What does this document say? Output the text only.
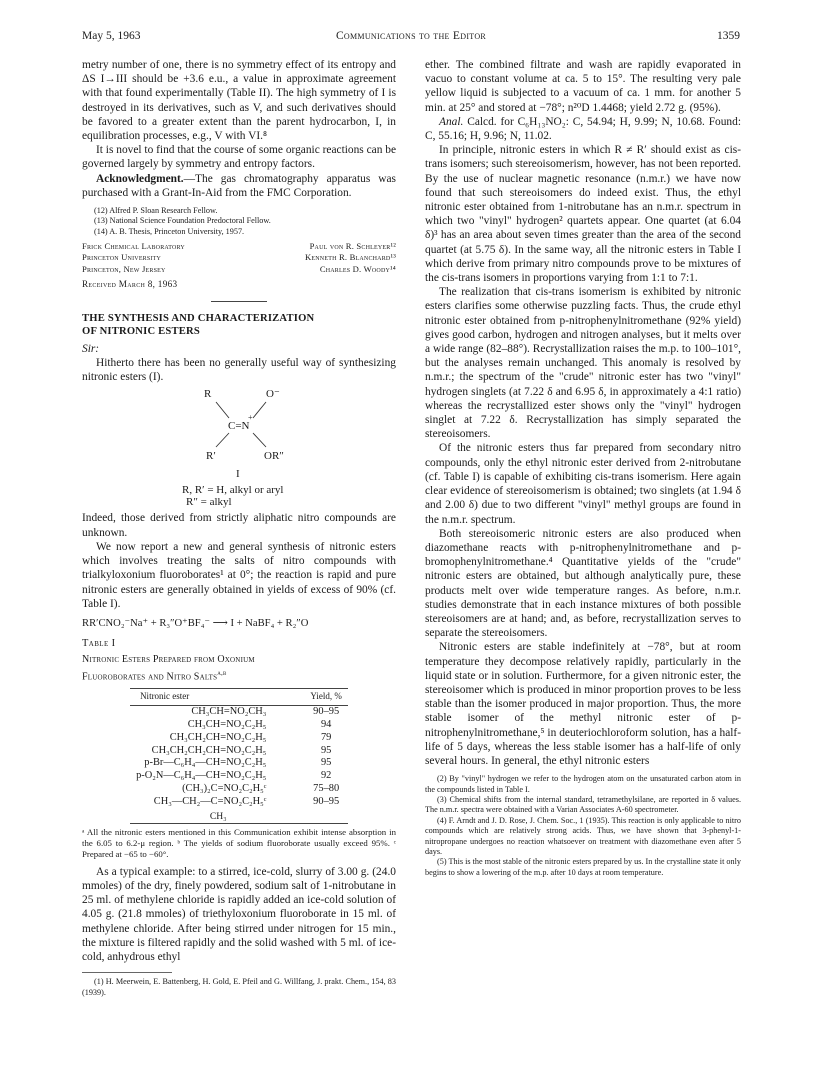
May 5, 1963	Communications to the Editor	1359

metry number of one, there is no symmetry effect of its entropy and ΔS I→III should be +3.6 e.u., a value in approximate agreement with that found experimentally (Table II). The high symmetry of I is destroyed in its derivatives, such as V, and such derivatives should be favored to a greater extent than the parent hydrocarbon, I, in equilibration processes, e.g., V with VI.⁸

It is novel to find that the course of some organic reactions can be governed largely by symmetry and entropy factors.

Acknowledgment.—The gas chromatography apparatus was purchased with a Grant-In-Aid from the FMC Corporation.

(12) Alfred P. Sloan Research Fellow.

(13) National Science Foundation Predoctoral Fellow.

(14) A. B. Thesis, Princeton University, 1957.

Frick Chemical Laboratory	Paul von R. Schleyer¹²
Princeton University	Kenneth R. Blanchard¹³
Princeton, New Jersey	Charles D. Woody¹⁴

Received March 8, 1963

THE SYNTHESIS AND CHARACTERIZATION
OF NITRONIC ESTERS

Sir:

Hitherto there has been no generally useful way of synthesizing nitronic esters (I).

R	O⁻
+
C=N
R′	OR″
I
R, R′ = H, alkyl or aryl
R″ = alkyl

Indeed, those derived from strictly aliphatic nitro compounds are unknown.

We now report a new and general synthesis of nitronic esters which involves treating the salts of nitro compounds with trialkyloxonium fluoroborates¹ at 0°; the reaction is rapid and pure nitronic esters are generally obtained in yields of excess of 90% (cf. Table I).

RR′CNO₂⁻Na⁺ + R₃″O⁺BF₄⁻ ⟶ I + NaBF₄ + R₂″O

Table I

Nitronic Esters Prepared from Oxonium
Fluoroborates and Nitro Salts$^{a,b}$

Nitronic ester	Yield, %
CH₃CH=NO₂CH₃	90–95
CH₃CH=NO₂C₂H₅	94
CH₃CH₂CH=NO₂C₂H₅	79
CH₃CH₂CH₂CH=NO₂C₂H₅	95
p-Br—C₆H₄—CH=NO₂C₂H₅	95
p-O₂N—C₆H₄—CH=NO₂C₂H₅	92
(CH₃)₂C=NO₂C₂H₅ᶜ	75–80
CH₃—CH₂—C=NO₂C₂H₅ᶜ
CH₃	90–95

ᵃ All the nitronic esters mentioned in this Communication exhibit intense absorption in the 6.05 to 6.2-μ region. ᵇ The yields of sodium fluoroborate usually exceed 95%. ᶜ Prepared at −65 to −60°.

As a typical example: to a stirred, ice-cold, slurry of 3.00 g. (24.0 mmoles) of the dry, finely powdered, sodium salt of 1-nitrobutane in 25 ml. of methylene chloride is rapidly added an ice-cold solution of 4.05 g. (21.8 mmoles) of triethyloxonium fluoroborate in 15 ml. of methylene chloride. After being stirred under nitrogen for 15 min., the mixture is filtered rapidly and the solid washed with 5 ml. of ice-cold, anhydrous ethyl

(1) H. Meerwein, E. Battenberg, H. Gold, E. Pfeil and G. Willfang, J. prakt. Chem., 154, 83 (1939).

ether. The combined filtrate and wash are rapidly evaporated in vacuo to constant volume at ca. 5 to 15°. The resulting very pale yellow liquid is subjected to a vacuum of ca. 1 mm. for another 5 min. at 25° and stored at −78°; n²⁰D 1.4468; yield 2.72 g. (95%).

Anal. Calcd. for C₆H₁₃NO₂: C, 54.94; H, 9.99; N, 10.68. Found: C, 55.16; H, 9.96; N, 11.02.

In principle, nitronic esters in which R ≠ R′ should exist as cis-trans isomers; such stereoisomerism, however, has not been reported. By the use of nuclear magnetic resonance (n.m.r.) we have now found that such stereoisomers do indeed exist. Thus, the ethyl nitronic ester obtained from 1-nitrobutane has an n.m.r. spectrum in which two "vinyl" hydrogen² quartets appear. One quartet (at 6.04 δ)³ has an area about seven times greater than the area of the second quartet (at 5.75 δ). In the same way, all the nitronic esters in Table I which derive from primary nitro compounds prove to be mixtures of the cis-trans isomers in proportions varying from 1:1 to 7:1.

The realization that cis-trans isomerism is exhibited by nitronic esters clarifies some otherwise puzzling facts. Thus, the crude ethyl nitronic ester obtained from p-nitrophenylnitromethane (92% yield) gives good carbon, hydrogen and nitrogen analyses, but it melts over a wide range (82–88°). Recrystallization raises the m.p. to 100–101°, but the analyses remain unchanged. This anomaly is resolved by n.m.r.; the spectrum of the "crude" nitronic ester has two "vinyl" hydrogen singlets (at 7.22 δ and 6.95 δ, in approximately a 4:1 ratio) whereas the recrystallized ester shows only the "vinyl" hydrogen singlet at 7.22 δ. Recrystallization has simply separated the stereoisomers.

Of the nitronic esters thus far prepared from secondary nitro compounds, only the ethyl nitronic ester derived from 2-nitrobutane (cf. Table I) is capable of exhibiting cis-trans isomerism. Here again clear evidence of stereoisomerism is obtained; two singlets (at 1.94 δ and 2.00 δ) due to two different "vinyl" methyl groups are found in the n.m.r. spectrum.

Both stereoisomeric nitronic esters are also produced when diazomethane reacts with p-nitrophenylnitromethane and p-bromophenylnitromethane.⁴ Quantitative yields of the "crude" nitronic esters are obtained, but although analytically pure, these products melt over wide temperature ranges. As before, n.m.r. studies demonstrate that in each instance mixtures of both possible stereoisomers are at hand; and, as before, recrystallization serves to separate the stereoisomers.

Nitronic esters are stable indefinitely at −78°, but at room temperature they decompose relatively rapidly, particularly in the liquid state or in solution. Furthermore, for a given nitronic ester, the stereoisomer which is produced in minor proportion proves to be less stable than the isomer produced in major proportion. Thus, the more stable isomer of the methyl nitronic ester of p-nitrophenylnitromethane,⁵ in deuteriochloroform solution, has a half-life of 5 days, whereas the less stable isomer has a half-life of only several hours. In general, the ethyl nitronic esters

(2) By "vinyl" hydrogen we refer to the hydrogen atom on the unsaturated carbon atom in the compounds listed in Table I.

(3) Chemical shifts from the internal standard, tetramethylsilane, are reported in δ values. The n.m.r. spectra were obtained with a Varian Associates A-60 spectrometer.

(4) F. Arndt and J. D. Rose, J. Chem. Soc., 1 (1935). This reaction is only applicable to nitro compounds which are relatively strong acids. Thus, we have shown that 3-phenyl-1-nitropropane undergoes no reaction whatsoever on treatment with diazomethane even after 5 days.

(5) This is the most stable of the nitronic esters prepared by us. In the crystalline state it only begins to show a lowering of the m.p. after 10 days at room temperature.
